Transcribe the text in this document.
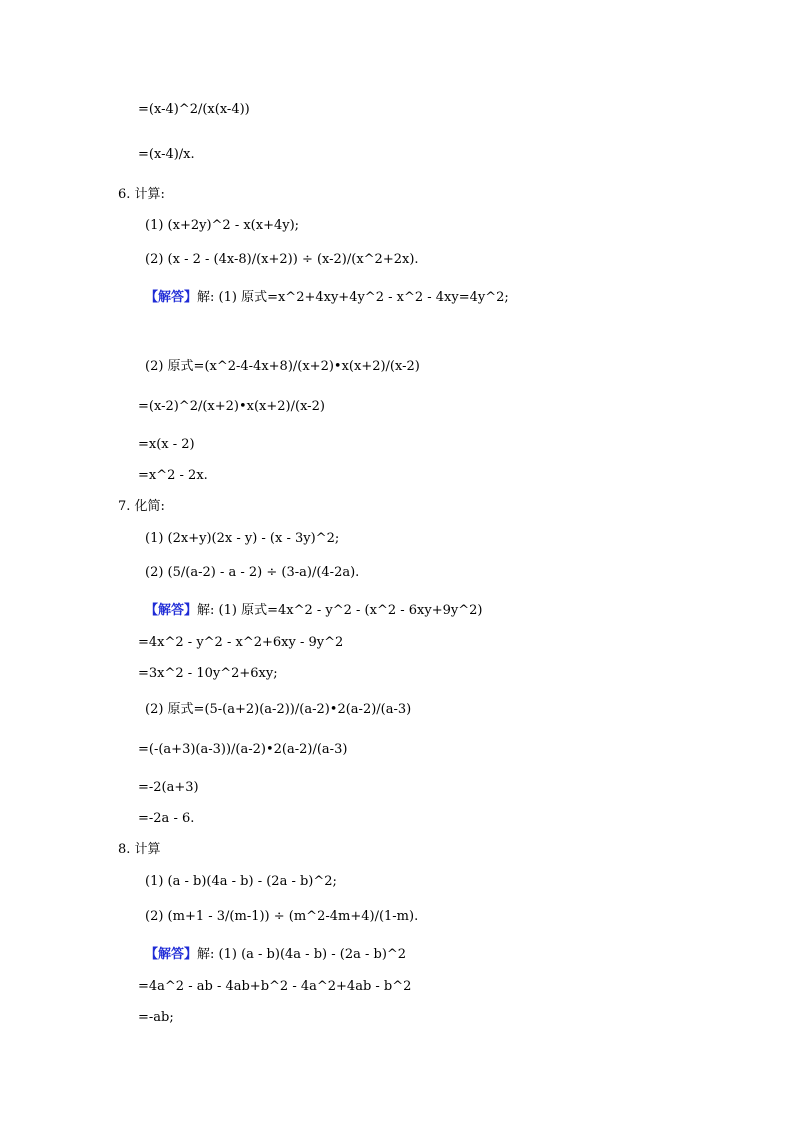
=(x-4)^2/(x(x-4))
=(x-4)/x.
6. 计算:
(1) (x+2y)^2 - x(x+4y);
(2) (x - 2 - (4x-8)/(x+2)) ÷ (x-2)/(x^2+2x).
【解答】解: (1) 原式=x^2+4xy+4y^2 - x^2 - 4xy=4y^2;
(2) 原式=(x^2-4-4x+8)/(x+2)•x(x+2)/(x-2)
=(x-2)^2/(x+2)•x(x+2)/(x-2)
=x(x - 2)
=x^2 - 2x.
7. 化简:
(1) (2x+y)(2x - y) - (x - 3y)^2;
(2) (5/(a-2) - a - 2) ÷ (3-a)/(4-2a).
【解答】解: (1) 原式=4x^2 - y^2 - (x^2 - 6xy+9y^2)
=4x^2 - y^2 - x^2+6xy - 9y^2
=3x^2 - 10y^2+6xy;
(2) 原式=(5-(a+2)(a-2))/(a-2)•2(a-2)/(a-3)
=(-(a+3)(a-3))/(a-2)•2(a-2)/(a-3)
=-2(a+3)
=-2a - 6.
8. 计算
(1) (a - b)(4a - b) - (2a - b)^2;
(2) (m+1 - 3/(m-1)) ÷ (m^2-4m+4)/(1-m).
【解答】解: (1) (a - b)(4a - b) - (2a - b)^2
=4a^2 - ab - 4ab+b^2 - 4a^2+4ab - b^2
=-ab;
